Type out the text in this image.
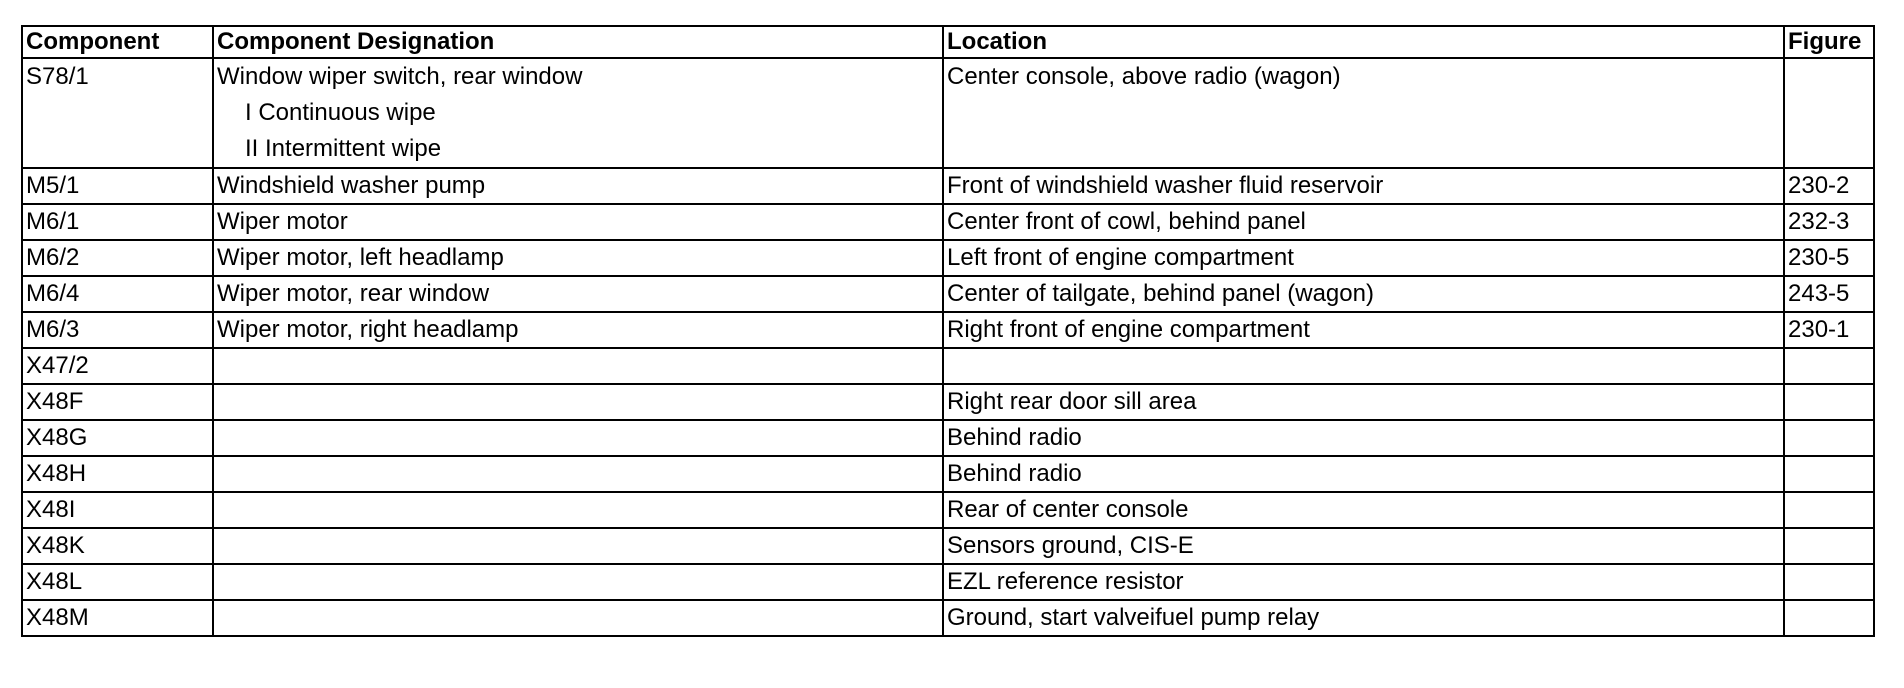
Component	Component Designation	Location	Figure
S78/1	Window wiper switch, rear window
I Continuous wipe
II Intermittent wipe	Center console, above radio (wagon)	
M5/1	Windshield washer pump	Front of windshield washer fluid reservoir	230-2
M6/1	Wiper motor	Center front of cowl, behind panel	232-3
M6/2	Wiper motor, left headlamp	Left front of engine compartment	230-5
M6/4	Wiper motor, rear window	Center of tailgate, behind panel (wagon)	243-5
M6/3	Wiper motor, right headlamp	Right front of engine compartment	230-1
X47/2			
X48F		Right rear door sill area	
X48G		Behind radio	
X48H		Behind radio	
X48I		Rear of center console	
X48K		Sensors ground, CIS-E	
X48L		EZL reference resistor	
X48M		Ground, start valveifuel pump relay	
